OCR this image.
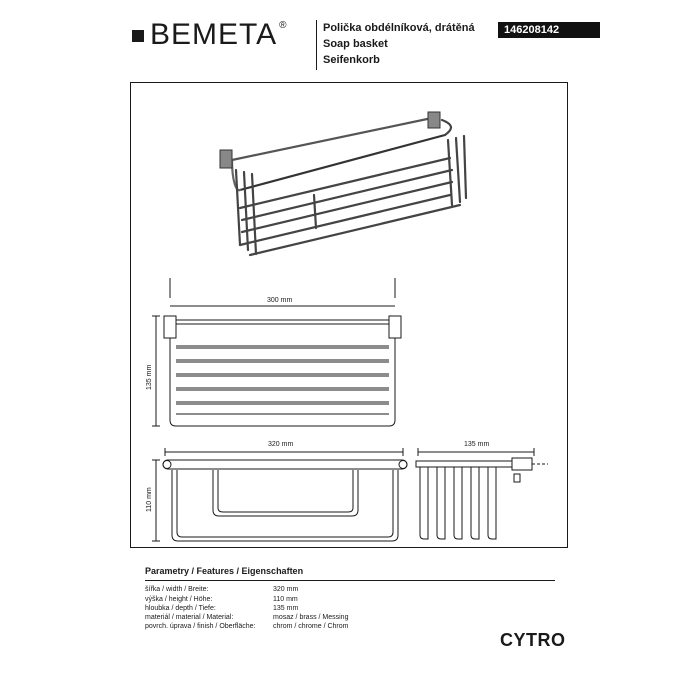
BEMETA ®	Polička obdélníková, drátěná
Soap basket
Seifenkorb
146208142
300 mm
135 mm
320 mm
110 mm
135 mm
Parametry / Features / Eigenschaften
šířka / width / Breite:	320 mm
výška / height / Höhe:	110 mm
hloubka / depth / Tiefe:	135 mm
materiál / material / Material:	mosaz / brass / Messing
povrch. úprava / finish / Oberfläche:	chrom / chrome / Chrom
CYTRO
